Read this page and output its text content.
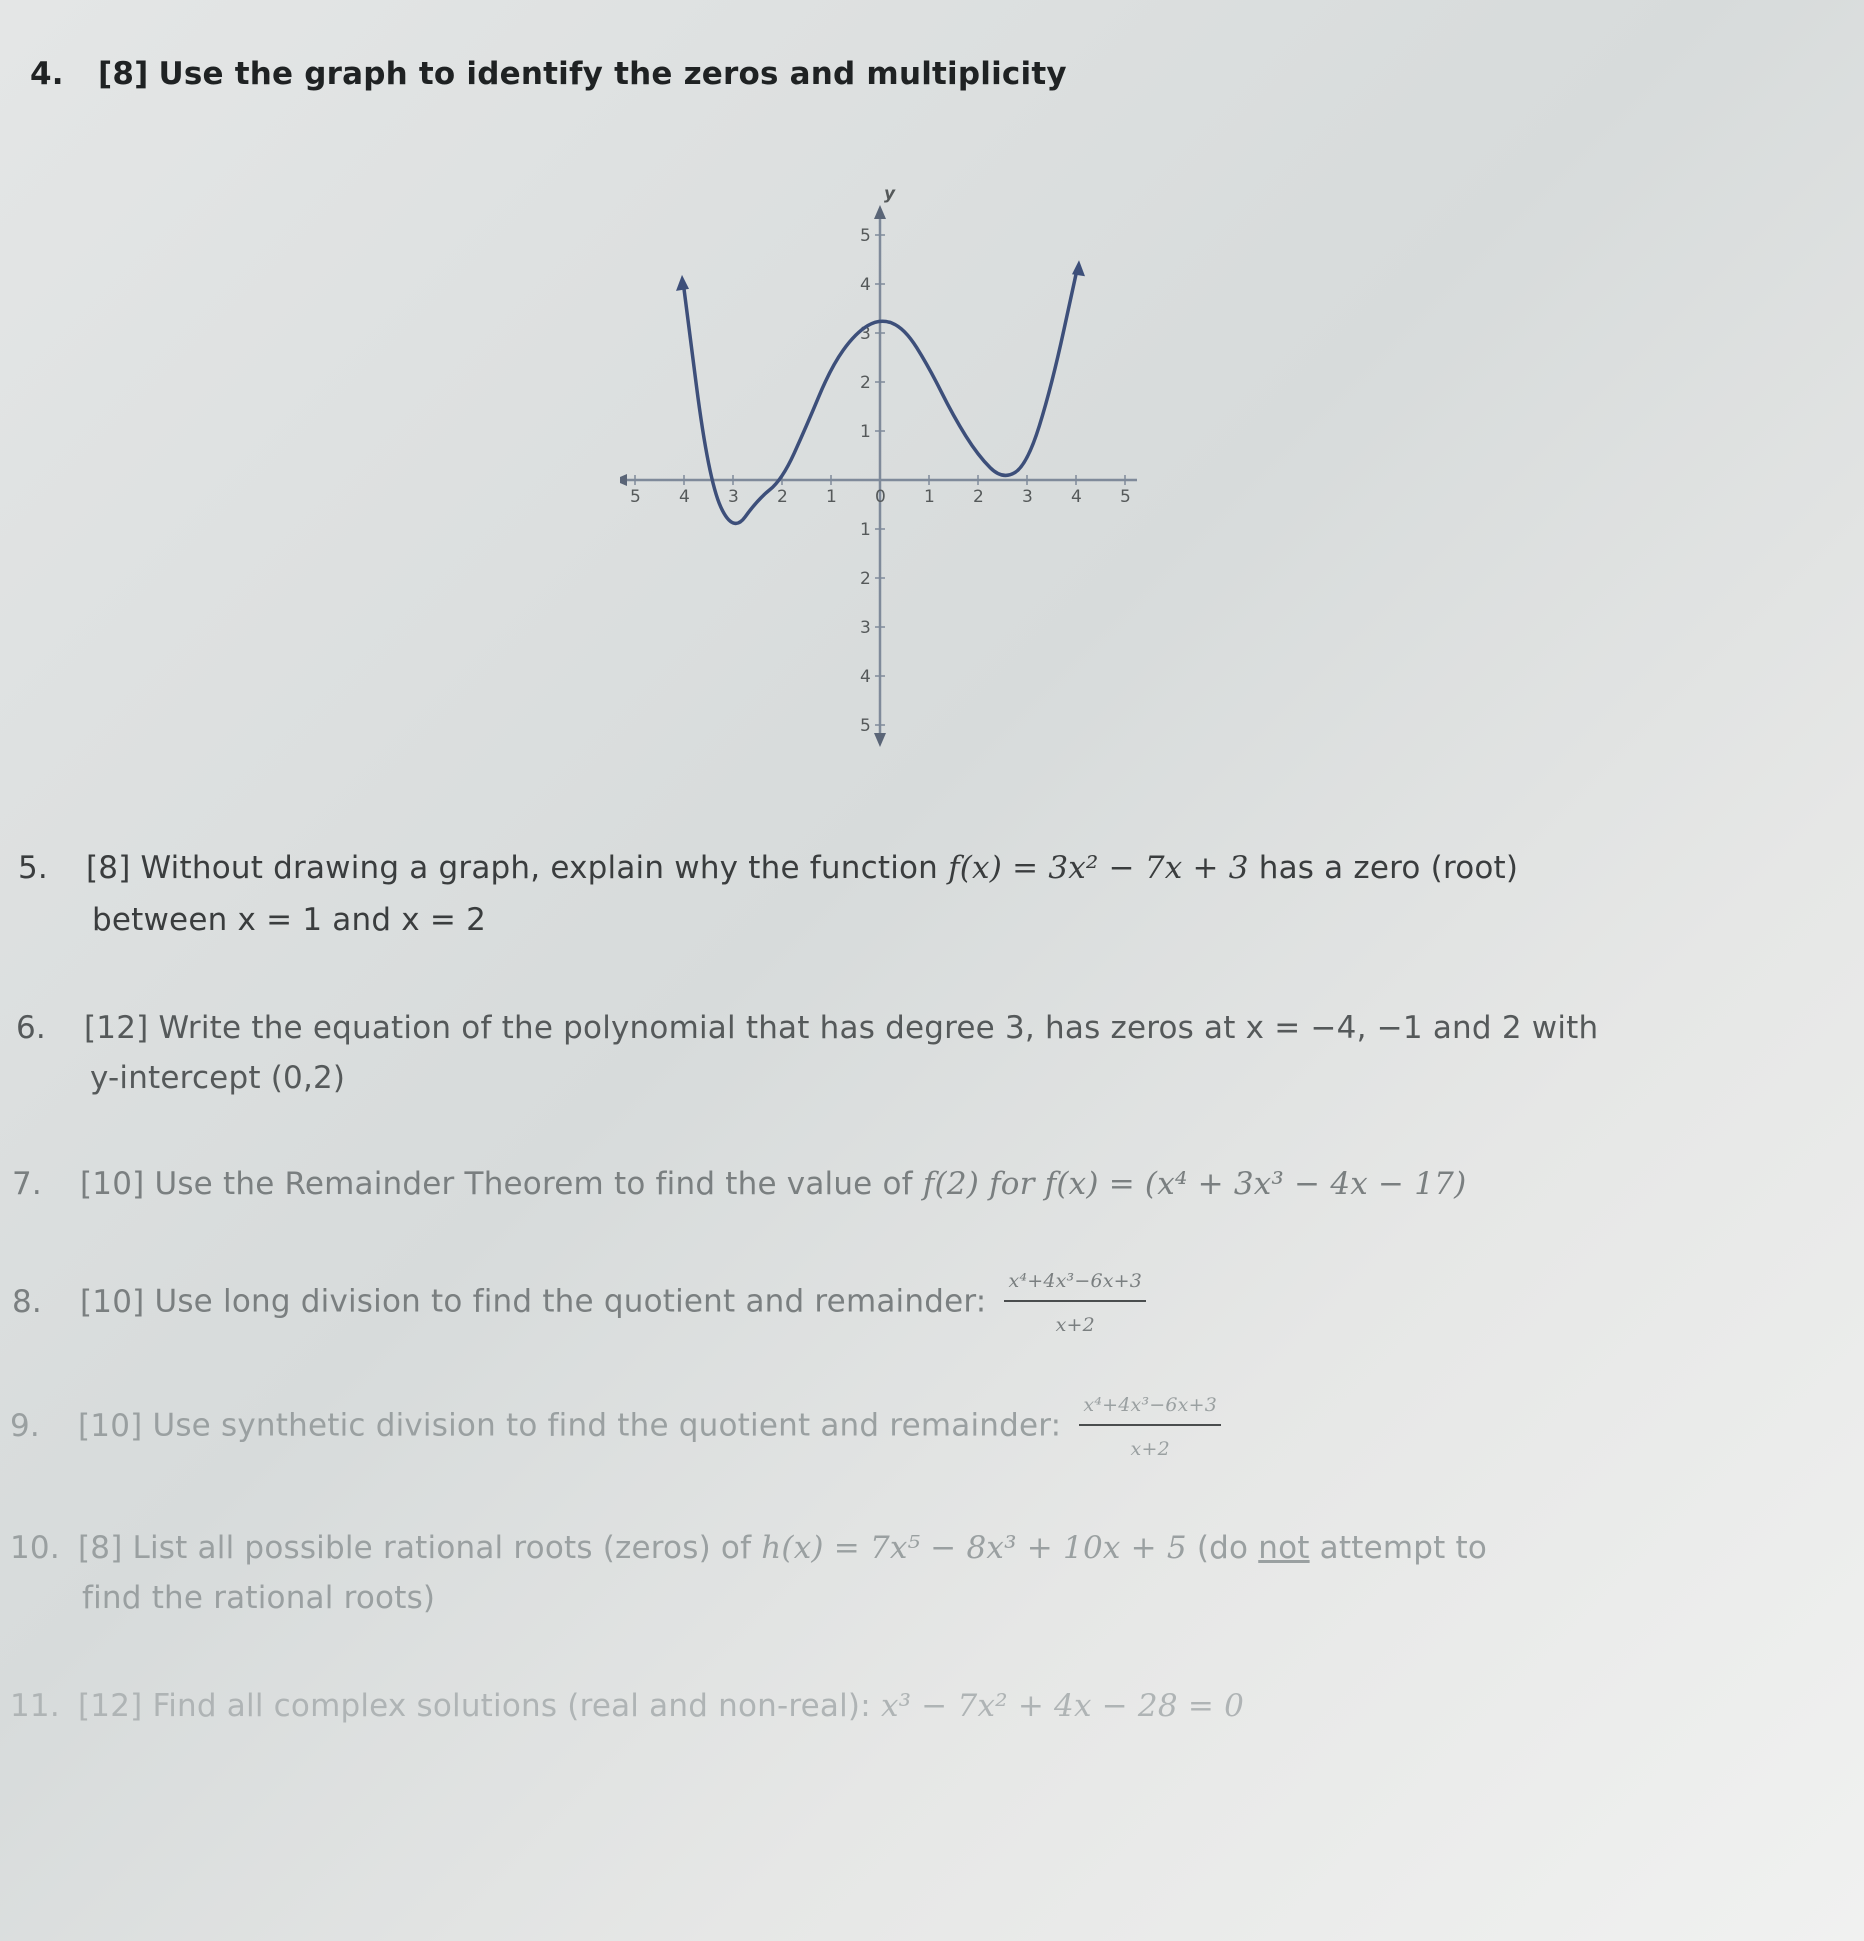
4. [8] Use the graph to identify the zeros and multiplicity
y
5 4 3 2 1 0 1 2 3 4 5
5
4
3
2
1
1
2
3
4
5
5. [8] Without drawing a graph, explain why the function f(x) = 3x² − 7x + 3 has a zero (root)
between x = 1 and x = 2
6. [12] Write the equation of the polynomial that has degree 3, has zeros at x = −4, −1 and 2 with
y-intercept (0,2)
7. [10] Use the Remainder Theorem to find the value of f(2) for f(x) = (x⁴ + 3x³ − 4x − 17)
8. [10] Use long division to find the quotient and remainder: $\frac{\text{x⁴+4x³−6x+3}}{x+2}$
9. [10] Use synthetic division to find the quotient and remainder: $\frac{\text{x⁴+4x³−6x+3}}{x+2}$
10. [8] List all possible rational roots (zeros) of h(x) = 7x⁵ − 8x³ + 10x + 5 (do not attempt to
find the rational roots)
11. [12] Find all complex solutions (real and non-real): x³ − 7x² + 4x − 28 = 0
